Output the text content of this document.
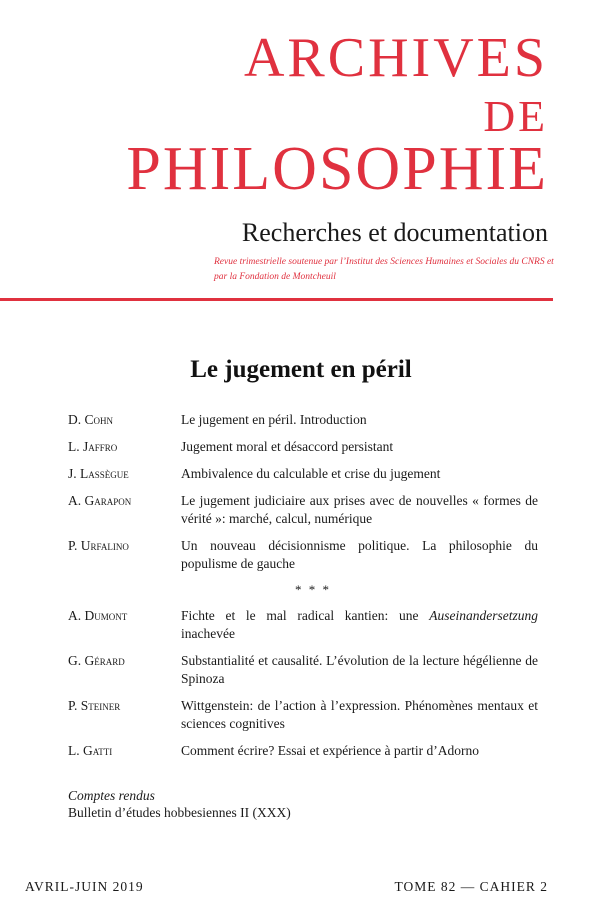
ARCHIVES
DE
PHILOSOPHIE
Recherches et documentation
Revue trimestrielle soutenue par l’Institut des Sciences Humaines et Sociales du CNRS et par la Fondation de Montcheuil
Le jugement en péril
D. Cohn	Le jugement en péril. Introduction
L. Jaffro	Jugement moral et désaccord persistant
J. Lassègue	Ambivalence du calculable et crise du jugement
A. Garapon	Le jugement judiciaire aux prises avec de nouvelles « formes de vérité »: marché, calcul, numérique
P. Urfalino	Un nouveau décisionnisme politique. La philosophie du populisme de gauche
* * *
A. Dumont	Fichte et le mal radical kantien: une Auseinandersetzung inachevée
G. Gérard	Substantialité et causalité. L’évolution de la lecture hégélienne de Spinoza
P. Steiner	Wittgenstein: de l’action à l’expression. Phénomènes mentaux et sciences cognitives
L. Gatti	Comment écrire? Essai et expérience à partir d’Adorno
Comptes rendus
Bulletin d’études hobbesiennes II (XXX)
AVRIL-JUIN 2019	TOME 82 — CAHIER 2
